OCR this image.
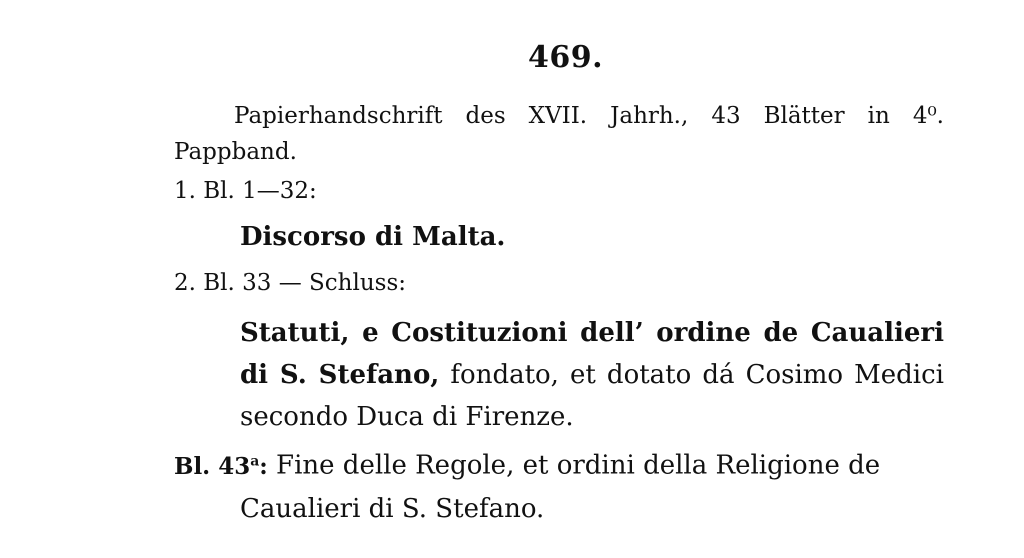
469.
Papierhandschrift des XVII. Jahrh., 43 Blätter in 4⁰. Pappband.
1. Bl. 1—32:
Discorso di Malta.
2. Bl. 33 — Schluss:
Statuti, e Costituzioni dell’ ordine de Caualieri di S. Stefano, fondato, et dotato dá Cosimo Medici secondo Duca di Firenze.
Bl. 43$^a$: Fine delle Regole, et ordini della Religione de
Caualieri di S. Stefano.
